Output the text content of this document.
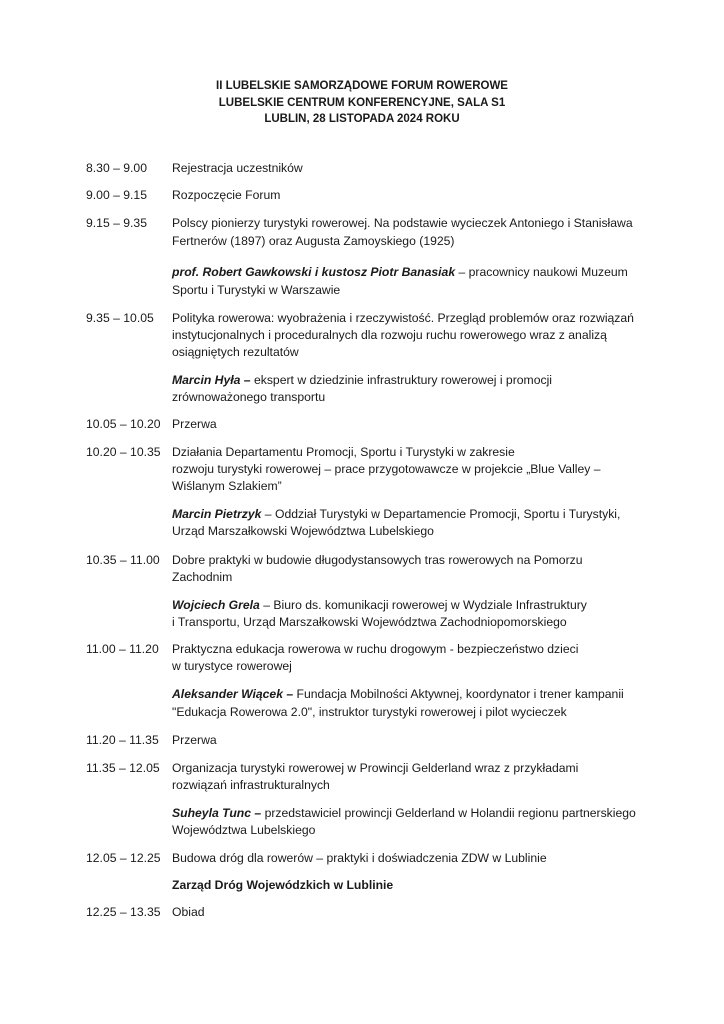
II LUBELSKIE SAMORZĄDOWE FORUM ROWEROWE
LUBELSKIE CENTRUM KONFERENCYJNE, SALA S1
LUBLIN, 28 LISTOPADA 2024 ROKU
8.30 – 9.00 Rejestracja uczestników
9.00 – 9.15 Rozpoczęcie Forum
9.15 – 9.35 Polscy pionierzy turystyki rowerowej. Na podstawie wycieczek Antoniego i Stanisława
Fertnerów (1897) oraz Augusta Zamoyskiego (1925)
prof. Robert Gawkowski i kustosz Piotr Banasiak – pracownicy naukowi Muzeum
Sportu i Turystyki w Warszawie
9.35 – 10.05 Polityka rowerowa: wyobrażenia i rzeczywistość. Przegląd problemów oraz rozwiązań
instytucjonalnych i proceduralnych dla rozwoju ruchu rowerowego wraz z analizą
osiągniętych rezultatów
Marcin Hyła – ekspert w dziedzinie infrastruktury rowerowej i promocji
zrównoważonego transportu
10.05 – 10.20 Przerwa
10.20 – 10.35 Działania Departamentu Promocji, Sportu i Turystyki w zakresie
rozwoju turystyki rowerowej – prace przygotowawcze w projekcie „Blue Valley –
Wiślanym Szlakiem”
Marcin Pietrzyk – Oddział Turystyki w Departamencie Promocji, Sportu i Turystyki,
Urząd Marszałkowski Województwa Lubelskiego
10.35 – 11.00 Dobre praktyki w budowie długodystansowych tras rowerowych na Pomorzu
Zachodnim
Wojciech Grela – Biuro ds. komunikacji rowerowej w Wydziale Infrastruktury
i Transportu, Urząd Marszałkowski Województwa Zachodniopomorskiego
11.00 – 11.20 Praktyczna edukacja rowerowa w ruchu drogowym - bezpieczeństwo dzieci
w turystyce rowerowej
Aleksander Wiącek – Fundacja Mobilności Aktywnej, koordynator i trener kampanii
"Edukacja Rowerowa 2.0", instruktor turystyki rowerowej i pilot wycieczek
11.20 – 11.35 Przerwa
11.35 – 12.05 Organizacja turystyki rowerowej w Prowincji Gelderland wraz z przykładami
rozwiązań infrastrukturalnych
Suheyla Tunc – przedstawiciel prowincji Gelderland w Holandii regionu partnerskiego
Województwa Lubelskiego
12.05 – 12.25 Budowa dróg dla rowerów – praktyki i doświadczenia ZDW w Lublinie
Zarząd Dróg Wojewódzkich w Lublinie
12.25 – 13.35 Obiad
